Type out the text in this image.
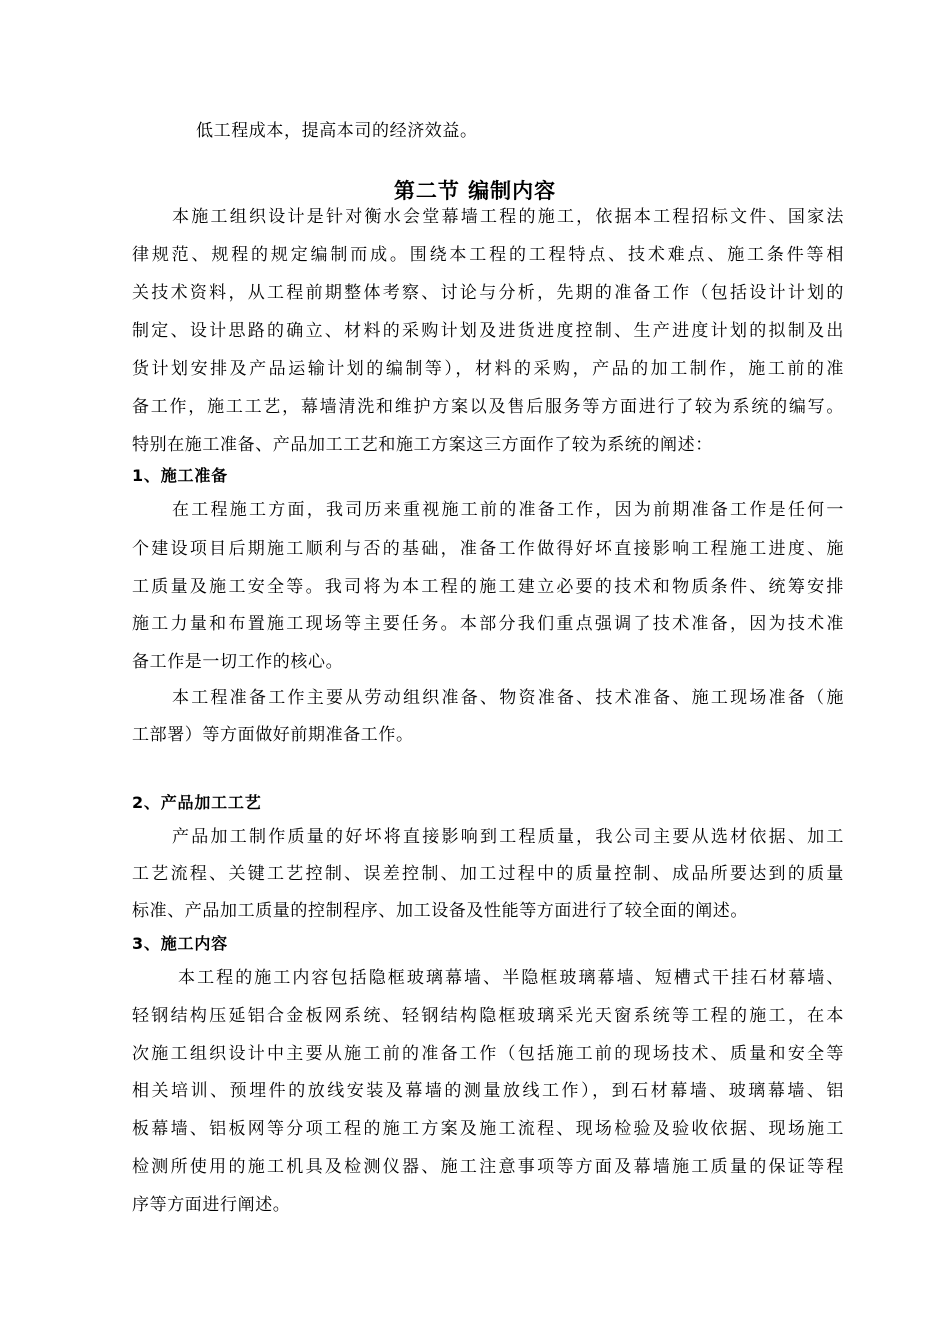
低工程成本，提高本司的经济效益。
第二节 编制内容
本施工组织设计是针对衡水会堂幕墙工程的施工，依据本工程招标文件、国家法
律规范、规程的规定编制而成。围绕本工程的工程特点、技术难点、施工条件等相
关技术资料，从工程前期整体考察、讨论与分析，先期的准备工作（包括设计计划的
制定、设计思路的确立、材料的采购计划及进货进度控制、生产进度计划的拟制及出
货计划安排及产品运输计划的编制等），材料的采购，产品的加工制作，施工前的准
备工作，施工工艺，幕墙清洗和维护方案以及售后服务等方面进行了较为系统的编写。
特别在施工准备、产品加工工艺和施工方案这三方面作了较为系统的阐述：
1、施工准备
在工程施工方面，我司历来重视施工前的准备工作，因为前期准备工作是任何一
个建设项目后期施工顺利与否的基础，准备工作做得好坏直接影响工程施工进度、施
工质量及施工安全等。我司将为本工程的施工建立必要的技术和物质条件、统筹安排
施工力量和布置施工现场等主要任务。本部分我们重点强调了技术准备，因为技术准
备工作是一切工作的核心。
本工程准备工作主要从劳动组织准备、物资准备、技术准备、施工现场准备（施
工部署）等方面做好前期准备工作。
2、产品加工工艺
产品加工制作质量的好坏将直接影响到工程质量，我公司主要从选材依据、加工
工艺流程、关键工艺控制、误差控制、加工过程中的质量控制、成品所要达到的质量
标准、产品加工质量的控制程序、加工设备及性能等方面进行了较全面的阐述。
3、施工内容
本工程的施工内容包括隐框玻璃幕墙、半隐框玻璃幕墙、短槽式干挂石材幕墙、
轻钢结构压延铝合金板网系统、轻钢结构隐框玻璃采光天窗系统等工程的施工，在本
次施工组织设计中主要从施工前的准备工作（包括施工前的现场技术、质量和安全等
相关培训、预埋件的放线安装及幕墙的测量放线工作），到石材幕墙、玻璃幕墙、铝
板幕墙、铝板网等分项工程的施工方案及施工流程、现场检验及验收依据、现场施工
检测所使用的施工机具及检测仪器、施工注意事项等方面及幕墙施工质量的保证等程
序等方面进行阐述。
